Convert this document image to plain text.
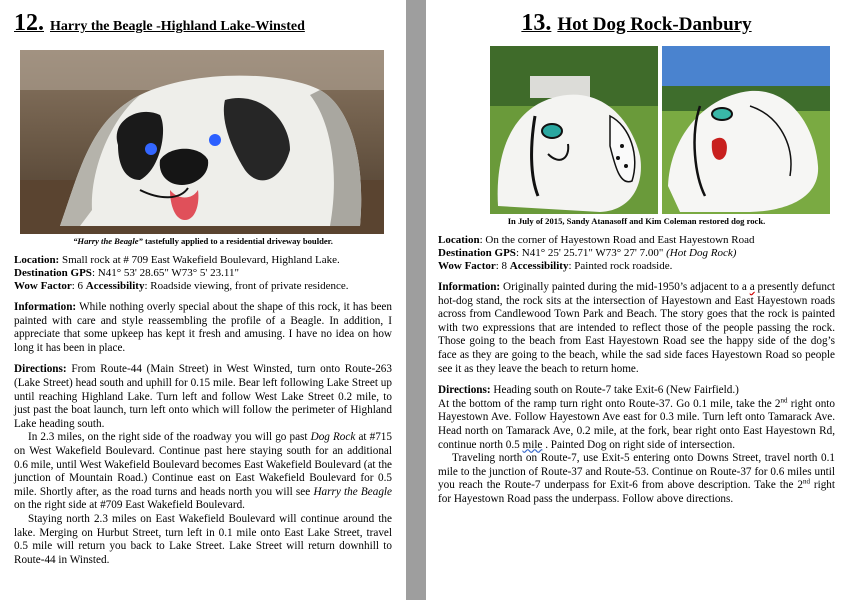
12. Harry the Beagle -Highland Lake-Winsted
“Harry the Beagle” tastefully applied to a residential driveway boulder.
Location: Small rock at # 709 East Wakefield Boulevard, Highland Lake.
Destination GPS: N41° 53' 28.65" W73° 5' 23.11"
Wow Factor: 6 Accessibility: Roadside viewing, front of private residence.

Information: While nothing overly special about the shape of this rock, it has been painted with care and style reassembling the profile of a Beagle. In addition, I appreciate that some upkeep has kept it fresh and amusing. I have no idea on how long it has been in place.

Directions: From Route-44 (Main Street) in West Winsted, turn onto Route-263 (Lake Street) head south and uphill for 0.15 mile. Bear left following Lake Street up until reaching Highland Lake. Turn left and follow West Lake Street 0.2 mile, to just past the boat launch, turn left onto which will follow the perimeter of Highland Lake heading south.

In 2.3 miles, on the right side of the roadway you will go past Dog Rock at #715 on West Wakefield Boulevard. Continue past here staying south for an additional 0.6 mile, until West Wakefield Boulevard becomes East Wakefield Boulevard (at the junction of Mountain Road.) Continue east on East Wakefield Boulevard for 0.5 mile. Shortly after, as the road turns and heads north you will see Harry the Beagle on the right side at #709 East Wakefield Boulevard.

Staying north 2.3 miles on East Wakefield Boulevard will continue around the lake. Merging on Hurbut Street, turn left in 0.1 mile onto East Lake Street, travel 0.5 mile will return you back to Lake Street. Lake Street will return downhill to Route-44 in Winsted.

13. Hot Dog Rock-Danbury
In July of 2015, Sandy Atanasoff and Kim Coleman restored dog rock.
Location: On the corner of Hayestown Road and East Hayestown Road
Destination GPS: N41° 25' 25.71" W73° 27' 7.00" (Hot Dog Rock)
Wow Factor: 8 Accessibility: Painted rock roadside.

Information: Originally painted during the mid-1950’s adjacent to a a presently defunct hot-dog stand, the rock sits at the intersection of Hayestown and East Hayestown roads across from Candlewood Town Park and Beach. The story goes that the rock is painted with two expressions that are intended to reflect those of the people passing the rock. Those going to the beach from East Hayestown Road see the happy side of the dog’s face as they are going to the beach, while the sad side faces Hayestown Road so people see it as they leave the beach to return home.

Directions: Heading south on Route-7 take Exit-6 (New Fairfield.)

At the bottom of the ramp turn right onto Route-37. Go 0.1 mile, take the 2nd right onto Hayestown Ave. Follow Hayestown Ave east for 0.3 mile. Turn left onto Tamarack Ave. Head north on Tamarack Ave, 0.2 mile, at the fork, bear right onto East Hayestown Rd, continue north 0.5 mile . Painted Dog on right side of intersection.

Traveling north on Route-7, use Exit-5 entering onto Downs Street, travel north 0.1 mile to the junction of Route-37 and Route-53. Continue on Route-37 for 0.6 miles until you reach the Route-7 underpass for Exit-6 from above description. Take the 2nd right for Hayestown Road pass the underpass. Follow above directions.
